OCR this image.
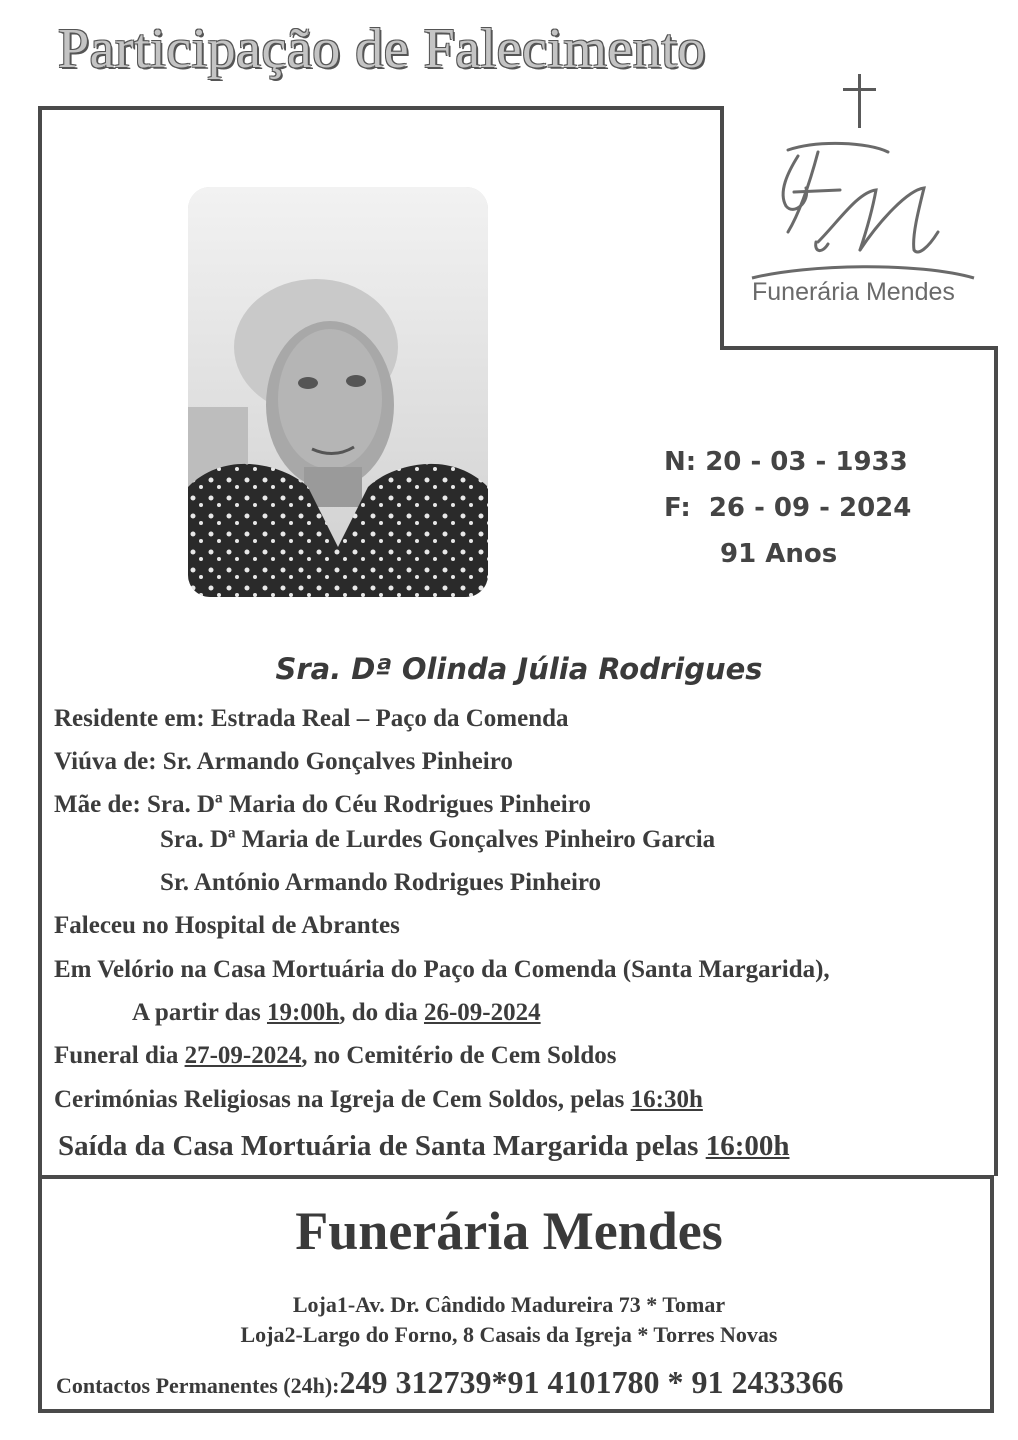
Participação de Falecimento
Funerária Mendes
N: 20 - 03 - 1933
F:  26 - 09 - 2024
91 Anos
Sra. Dª Olinda Júlia Rodrigues
Residente em: Estrada Real – Paço da Comenda
Viúva de: Sr. Armando Gonçalves Pinheiro
Mãe de: Sra. Dª Maria do Céu Rodrigues Pinheiro
Sra. Dª Maria de Lurdes Gonçalves Pinheiro Garcia
Sr. António Armando Rodrigues Pinheiro
Faleceu no Hospital de Abrantes
Em Velório na Casa Mortuária do Paço da Comenda (Santa Margarida),
A partir das 19:00h, do dia 26-09-2024
Funeral dia 27-09-2024, no Cemitério de Cem Soldos
Cerimónias Religiosas na Igreja de Cem Soldos, pelas 16:30h
Saída da Casa Mortuária de Santa Margarida pelas 16:00h
Funerária Mendes
Loja1-Av. Dr. Cândido Madureira 73 * Tomar
Loja2-Largo do Forno, 8 Casais da Igreja * Torres Novas
Contactos Permanentes (24h):249 312739*91 4101780 * 91 2433366
